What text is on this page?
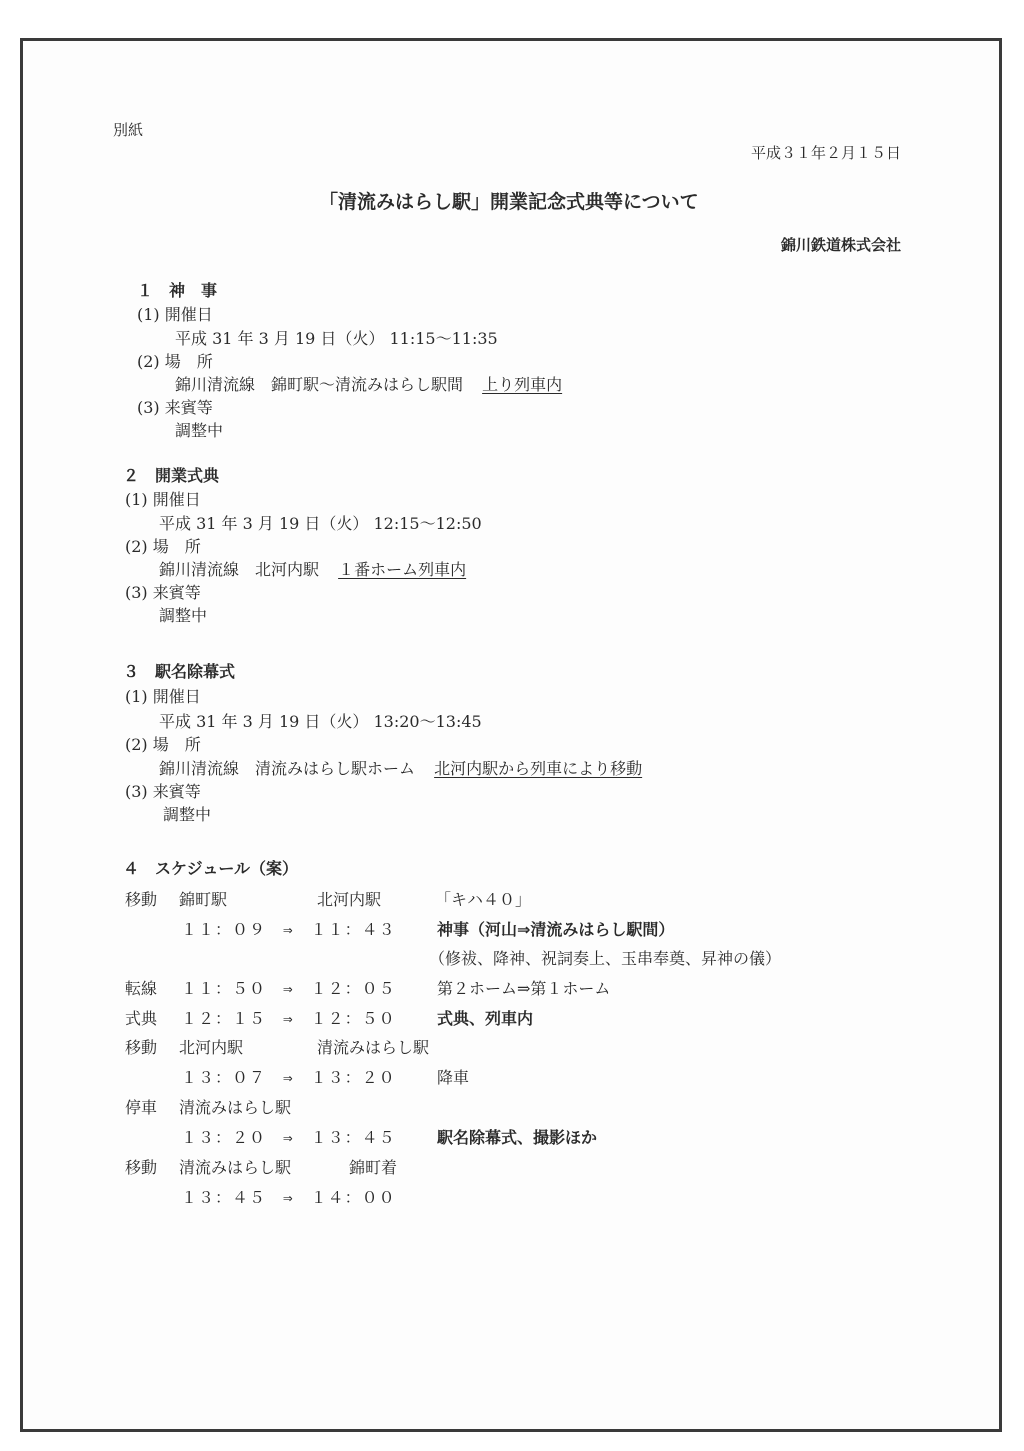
別紙
平成３１年２月１５日
「清流みはらし駅」開業記念式典等について
錦川鉄道株式会社
１　神　事
(1) 開催日
平成 31 年 3 月 19 日（火） 11:15～11:35
(2) 場　所
錦川清流線　錦町駅～清流みはらし駅間 上り列車内
(3) 来賓等
調整中
２　開業式典
(1) 開催日
平成 31 年 3 月 19 日（火） 12:15～12:50
(2) 場　所
錦川清流線　北河内駅 １番ホーム列車内
(3) 来賓等
調整中
３　駅名除幕式
(1) 開催日
平成 31 年 3 月 19 日（火） 13:20～13:45
(2) 場　所
錦川清流線　清流みはらし駅ホーム 北河内駅から列車により移動
(3) 来賓等
調整中
４　スケジュール（案）
移動 錦町駅	北河内駅	「キハ４０」
１１：０９　⇒　１１：４３	神事（河山⇒清流みはらし駅間）
（修祓、降神、祝詞奏上、玉串奉奠、昇神の儀）
転線 １１：５０　⇒　１２：０５	第２ホーム⇒第１ホーム
式典 １２：１５　⇒　１２：５０	式典、列車内
移動 北河内駅	清流みはらし駅
１３：０７　⇒　１３：２０	降車
停車 清流みはらし駅
１３：２０　⇒　１３：４５	駅名除幕式、撮影ほか
移動 清流みはらし駅	錦町着
１３：４５　⇒　１４：００
